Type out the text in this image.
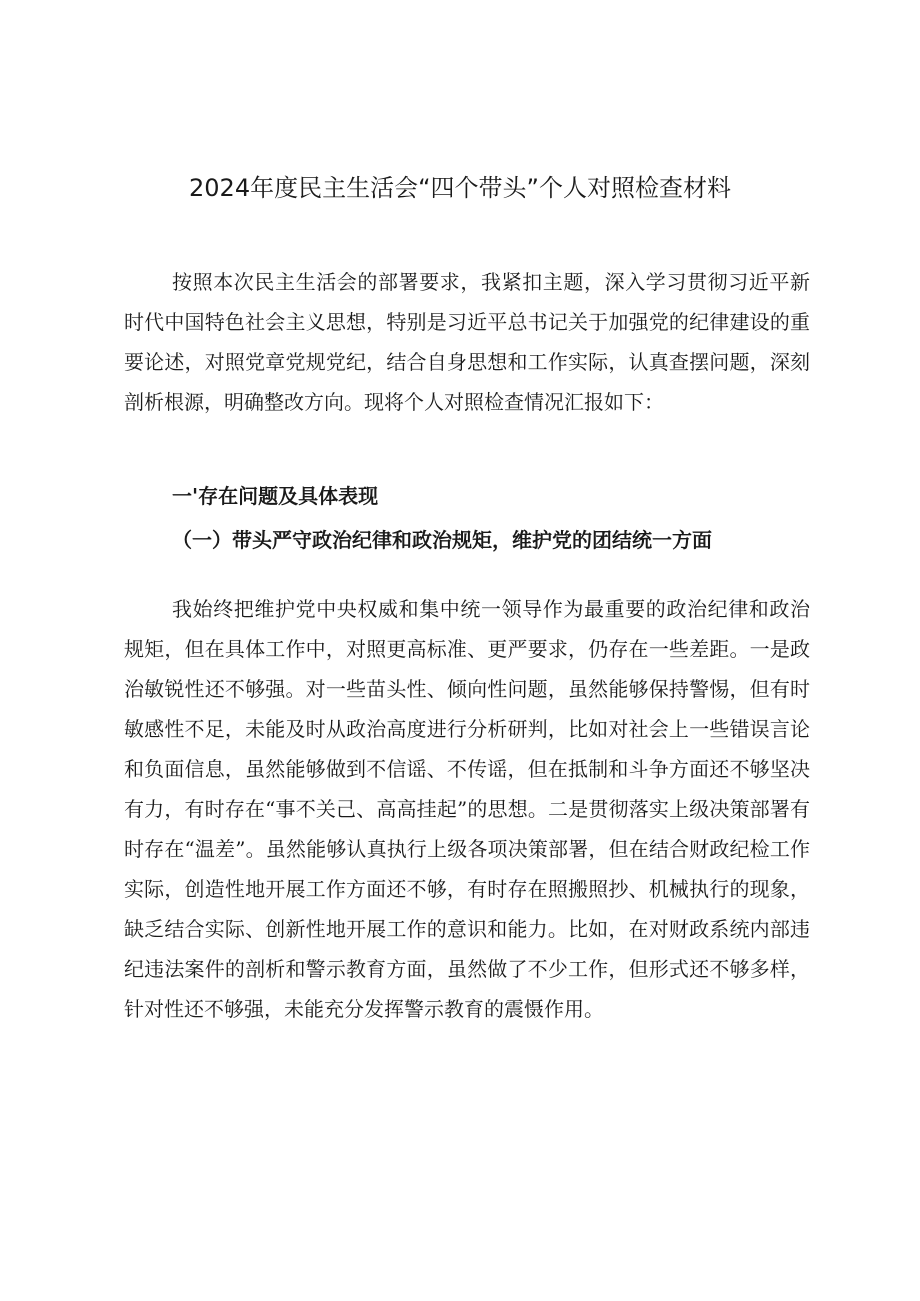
2024年度民主生活会“四个带头”个人对照检查材料

按照本次民主生活会的部署要求，我紧扣主题，深入学习贯彻习近平新时代中国特色社会主义思想，特别是习近平总书记关于加强党的纪律建设的重要论述，对照党章党规党纪，结合自身思想和工作实际，认真查摆问题，深刻剖析根源，明确整改方向。现将个人对照检查情况汇报如下：

一'存在问题及具体表现
（一）带头严守政治纪律和政治规矩，维护党的团结统一方面

我始终把维护党中央权威和集中统一领导作为最重要的政治纪律和政治规矩，但在具体工作中，对照更高标准、更严要求，仍存在一些差距。一是政治敏锐性还不够强。对一些苗头性、倾向性问题，虽然能够保持警惕，但有时敏感性不足，未能及时从政治高度进行分析研判，比如对社会上一些错误言论和负面信息，虽然能够做到不信谣、不传谣，但在抵制和斗争方面还不够坚决有力，有时存在“事不关己、高高挂起”的思想。二是贯彻落实上级决策部署有时存在“温差”。虽然能够认真执行上级各项决策部署，但在结合财政纪检工作实际，创造性地开展工作方面还不够，有时存在照搬照抄、机械执行的现象，缺乏结合实际、创新性地开展工作的意识和能力。比如，在对财政系统内部违纪违法案件的剖析和警示教育方面，虽然做了不少工作，但形式还不够多样，针对性还不够强，未能充分发挥警示教育的震慑作用。
